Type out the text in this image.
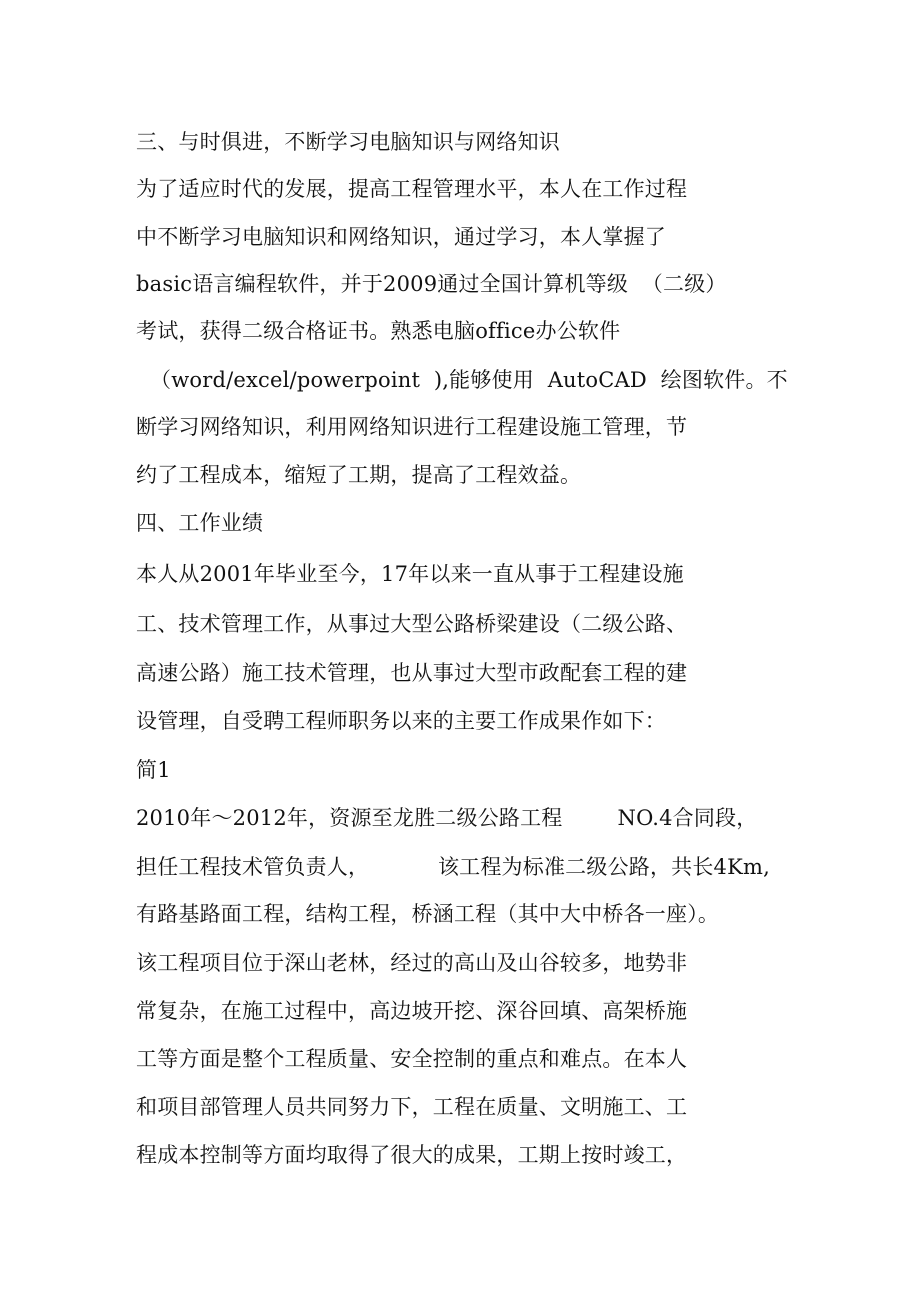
三、与时俱进，不断学习电脑知识与网络知识
为了适应时代的发展，提高工程管理水平，本人在工作过程
中不断学习电脑知识和网络知识，通过学习，本人掌握了
basic语言编程软件，并于2009通过全国计算机等级  （二级）
考试，获得二级合格证书。熟悉电脑office办公软件
（word/excel/powerpoint  ),能够使用  AutoCAD  绘图软件。不
断学习网络知识，利用网络知识进行工程建设施工管理，节
约了工程成本，缩短了工期，提高了工程效益。
四、工作业绩
本人从2001年毕业至今，17年以来一直从事于工程建设施
工、技术管理工作，从事过大型公路桥梁建设（二级公路、
高速公路）施工技术管理，也从事过大型市政配套工程的建
设管理，自受聘工程师职务以来的主要工作成果作如下：
简1
2010年～2012年，资源至龙胜二级公路工程        NO.4合同段，
担任工程技术管负责人，          该工程为标准二级公路，共长4Km,
有路基路面工程，结构工程，桥涵工程（其中大中桥各一座）。
该工程项目位于深山老林，经过的高山及山谷较多，地势非
常复杂，在施工过程中，高边坡开挖、深谷回填、高架桥施
工等方面是整个工程质量、安全控制的重点和难点。在本人
和项目部管理人员共同努力下，工程在质量、文明施工、工
程成本控制等方面均取得了很大的成果，工期上按时竣工，
